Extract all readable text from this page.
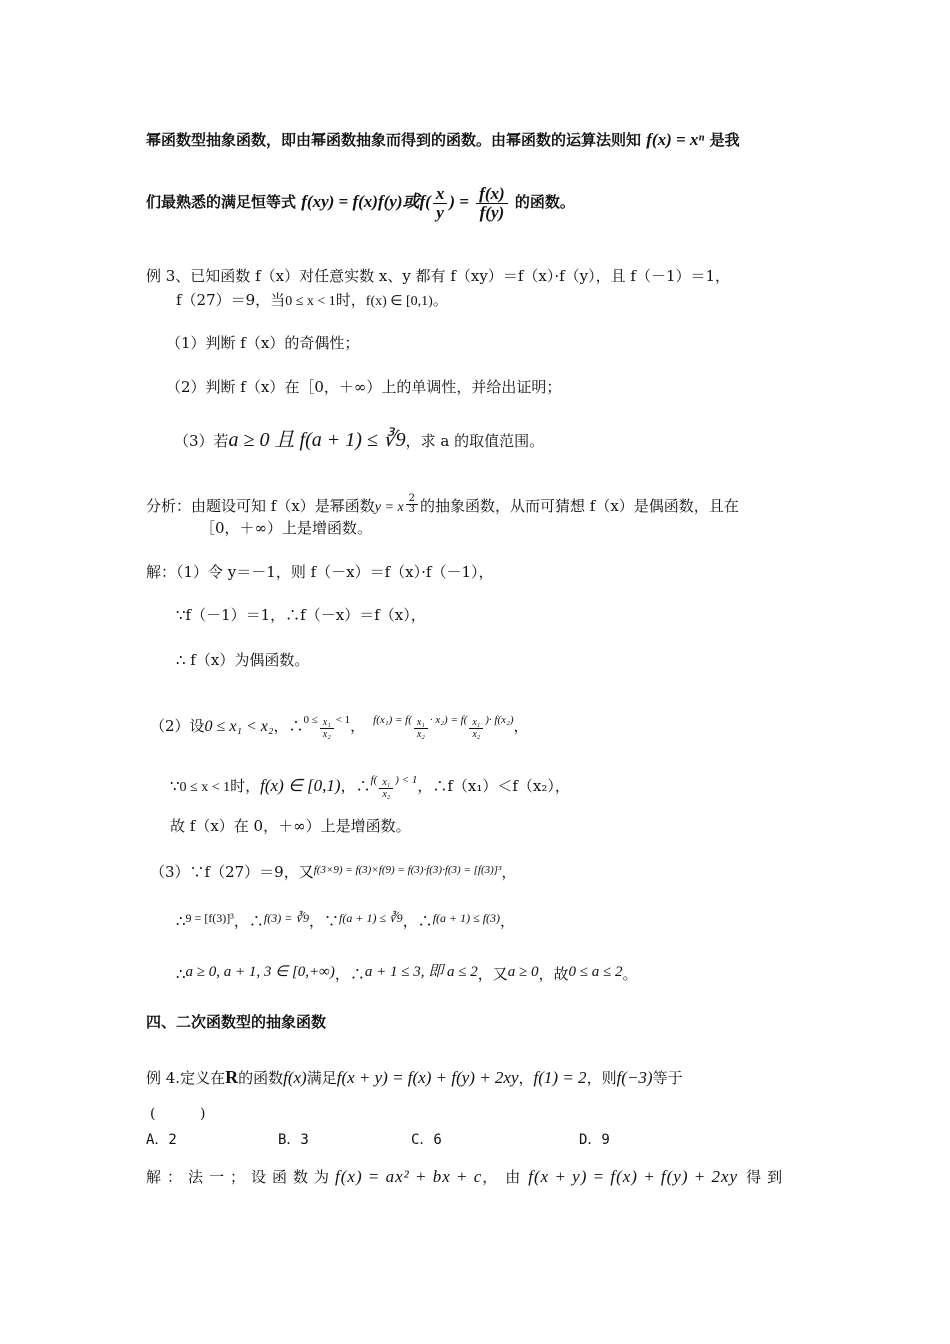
幂函数型抽象函数，即由幂函数抽象而得到的函数。由幂函数的运算法则知 f(x) = xⁿ 是我
们最熟悉的满足恒等式 f(xy) = f(x)f(y)或$f( \frac{x}{y}$ ) = $\frac{f(x)}{f(y)}$ 的函数。
例 3、已知函数 f（x）对任意实数 x、y 都有 f（xy）＝f（x）·f（y），且 f（－1）＝1，
f（27）＝9，当0 ≤ x < 1时，f(x) ∈ [0,1)。
（1）判断 f（x）的奇偶性；
（2）判断 f（x）在［0，＋∞）上的单调性，并给出证明；
（3）若a ≥ 0 且 f(a + 1) ≤ ∛9，求 a 的取值范围。
分析：由题设可知 f（x）是幂函数y = x $\frac{2}{3}$ 的抽象函数，从而可猜想 f（x）是偶函数，且在
［0，＋∞）上是增函数。
解：（1）令 y＝－1，则 f（－x）＝f（x）·f（－1），
∵f（－1）＝1，∴f（－x）＝f（x），
∴ f（x）为偶函数。
（2）设0 ≤ x₁ < x₂，∴$^{0 \le}$ $\frac{\text{x₁}}{\text{x₂}} ^{< 1}$， $^{f(x_1) = f(} \frac{\text{x₁}}{\text{x₂}} ^{\cdot x_2) = f(} \frac{\text{x₁}}{\text{x₂}} ^{)\cdot f(x_2)}$，
∵0 ≤ x < 1时，f(x) ∈ [0,1)，∴$^{f(}$ $\frac{\text{x₁}}{\text{x₂}} ^{) < 1}$，∴f（x₁）＜f（x₂），
故 f（x）在 0，＋∞）上是增函数。
（3）∵f（27）＝9，又$^{f(3\times 9) = f(3)\times f(9) = f(3)\cdot f(3)\cdot f(3) = [f(3)]^3}$，
∴$^{9 = [f(3)]^3}$，∴$^{f(3) = ∛9}$，∵$^{f(a + 1) \le ∛9}$，∴$^{f(a + 1) \le f(3)}$，
∴a ≥ 0, a + 1, 3 ∈ [0,+∞)，∴a + 1 ≤ 3, 即 a ≤ 2，又a ≥ 0，故0 ≤ a ≤ 2。
四、二次函数型的抽象函数
例 4.定义在R的函数f(x)满足f(x + y) = f(x) + f(y) + 2xy，f(1) = 2，则f(−3)等于
(          )
A．2	B．3	C．6	D．9
解：法一；设函数为f(x) = ax² + bx + c，由f(x + y) = f(x) + f(y) + 2xy 得到
